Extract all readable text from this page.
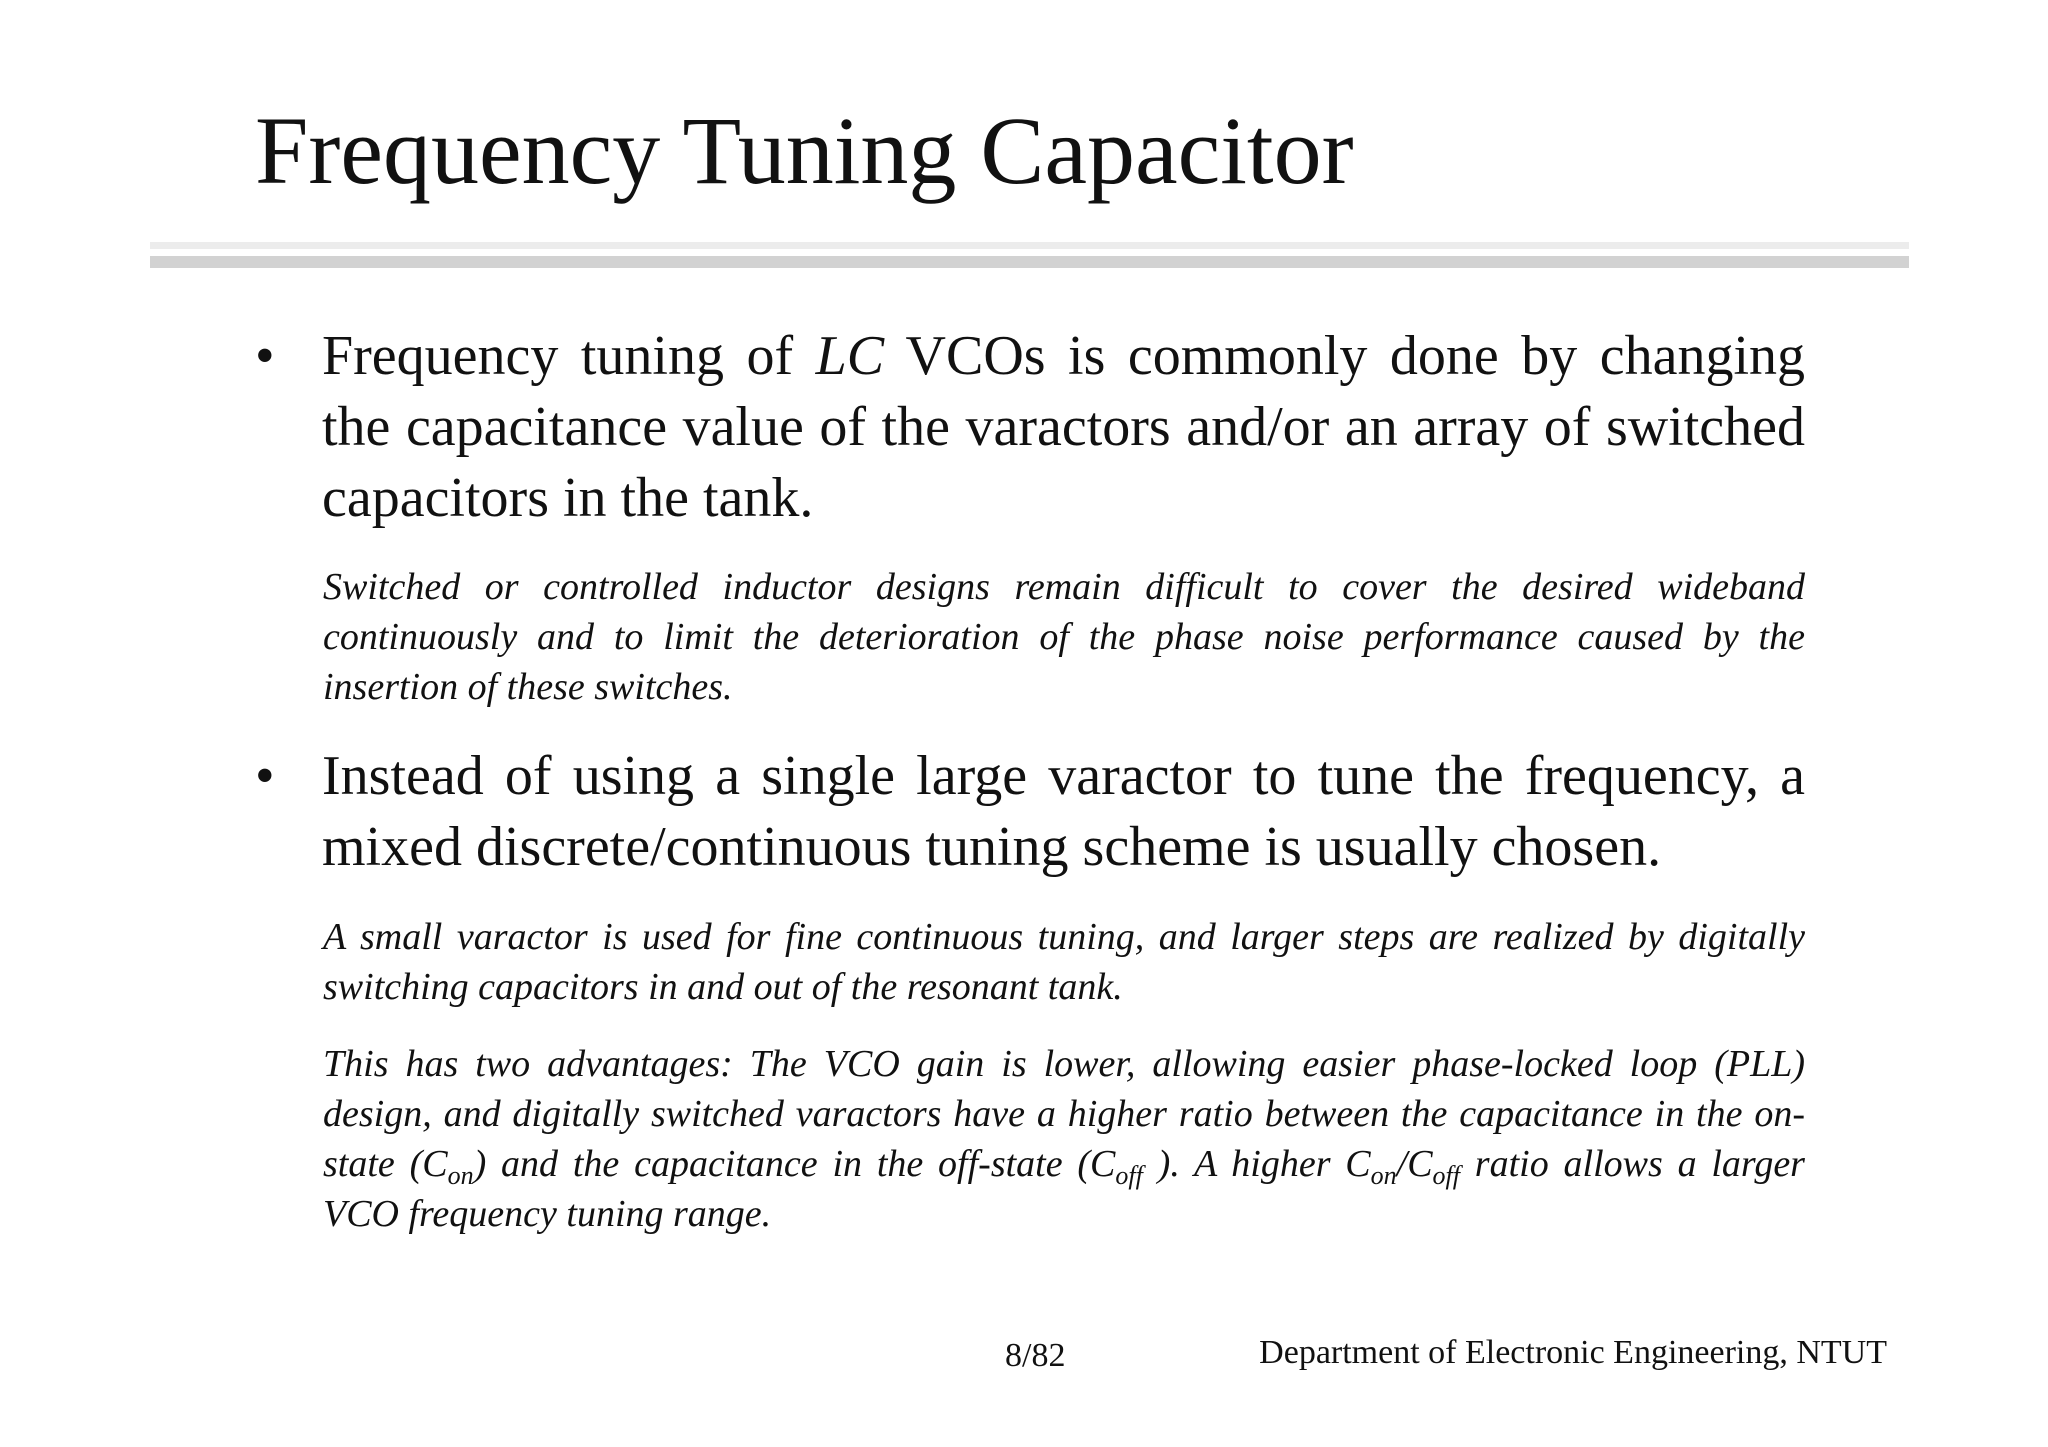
Frequency Tuning Capacitor
• Frequency tuning of LC VCOs is commonly done by changing the capacitance value of the varactors and/or an array of switched capacitors in the tank.
Switched or controlled inductor designs remain difficult to cover the desired wideband continuously and to limit the deterioration of the phase noise performance caused by the insertion of these switches.
• Instead of using a single large varactor to tune the frequency, a mixed discrete/continuous tuning scheme is usually chosen.
A small varactor is used for fine continuous tuning, and larger steps are realized by digitally switching capacitors in and out of the resonant tank.
This has two advantages: The VCO gain is lower, allowing easier phase-locked loop (PLL) design, and digitally switched varactors have a higher ratio between the capacitance in the on-state $(C_{on})$ and the capacitance in the off-state ($C_{off}$ ). A higher $C_{on}/C_{off}$ ratio allows a larger VCO frequency tuning range.
8/82	Department of Electronic Engineering, NTUT
